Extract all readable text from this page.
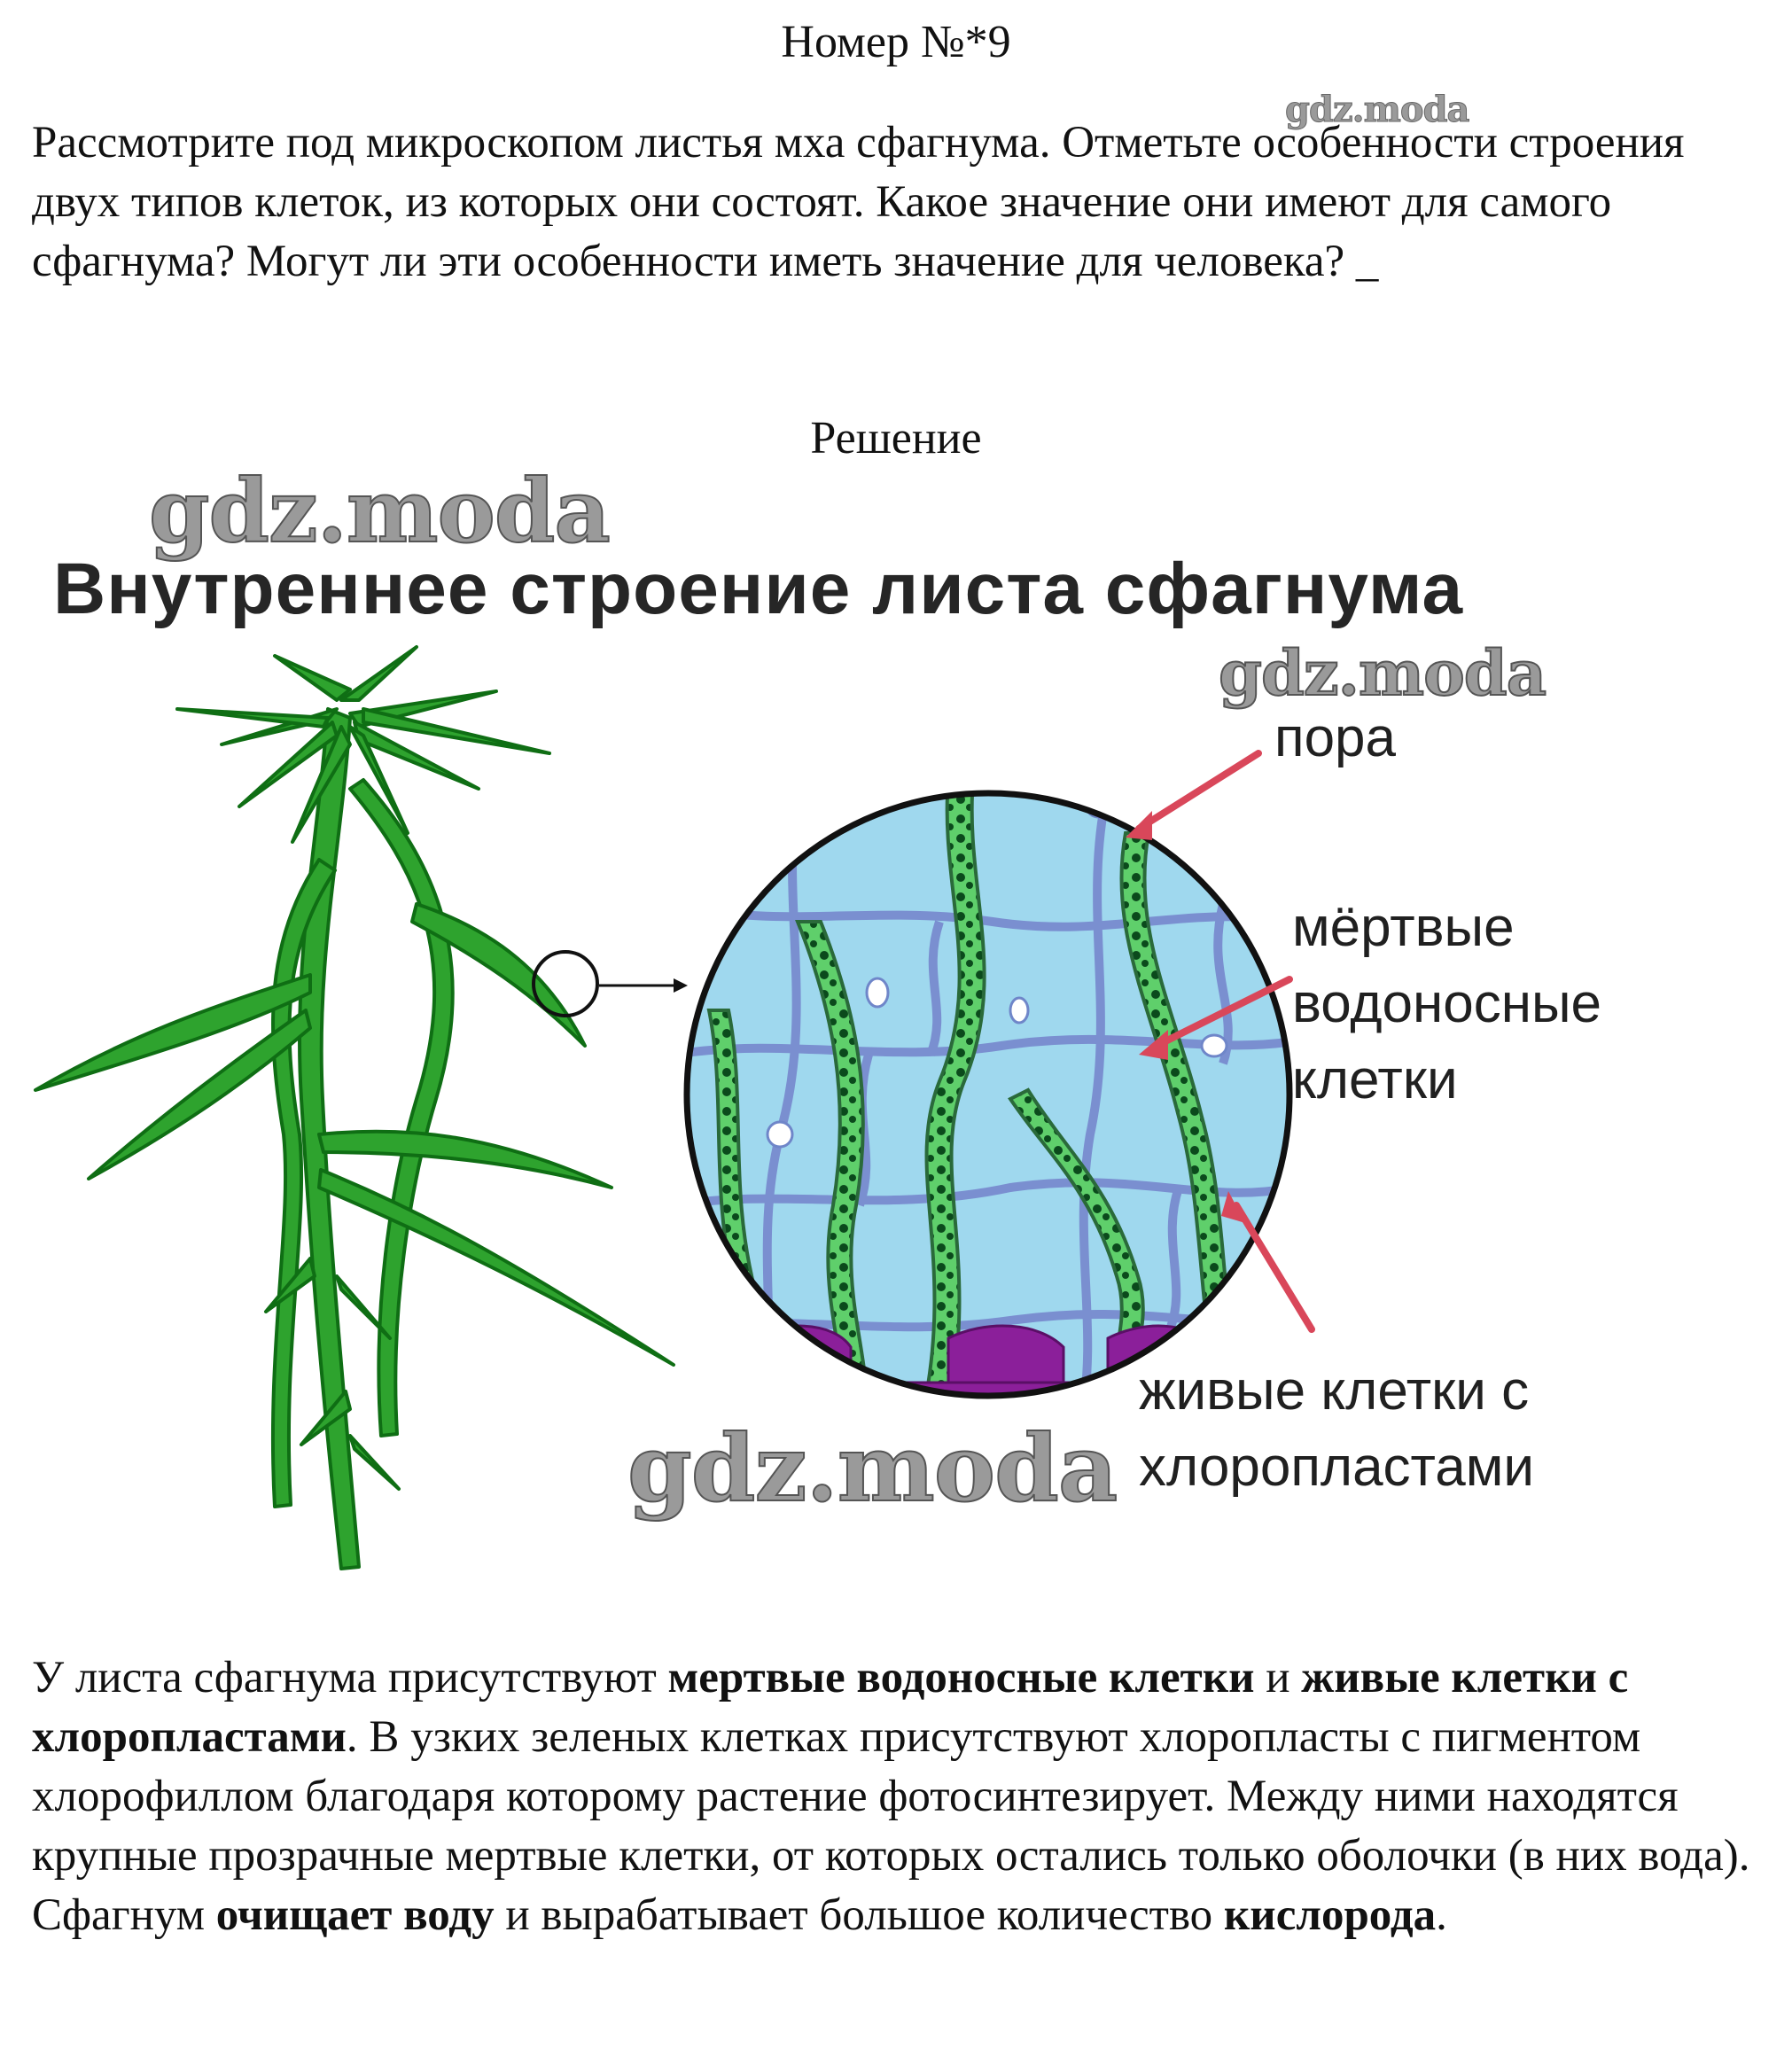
Номер №*9

Рассмотрите под микроскопом листья мха сфагнума. Отметьте особенности строения двух типов клеток, из которых они состоят. Какое значение они имеют для самого сфагнума? Могут ли эти особенности иметь значение для человека? _

Решение
Внутреннее строение листа сфагнума
пора
мёртвые
водоносные
клетки
живые клетки с
хлоропластами
gdz.moda
gdz.moda
gdz.moda
gdz.moda

У листа сфагнума присутствуют мертвые водоносные клетки и живые клетки с хлоропластами. В узких зеленых клетках присутствуют хлоропласты с пигментом хлорофиллом благодаря которому растение фотосинтезирует. Между ними находятся крупные прозрачные мертвые клетки, от которых остались только оболочки (в них вода).
Сфагнум очищает воду и вырабатывает большое количество кислорода.
